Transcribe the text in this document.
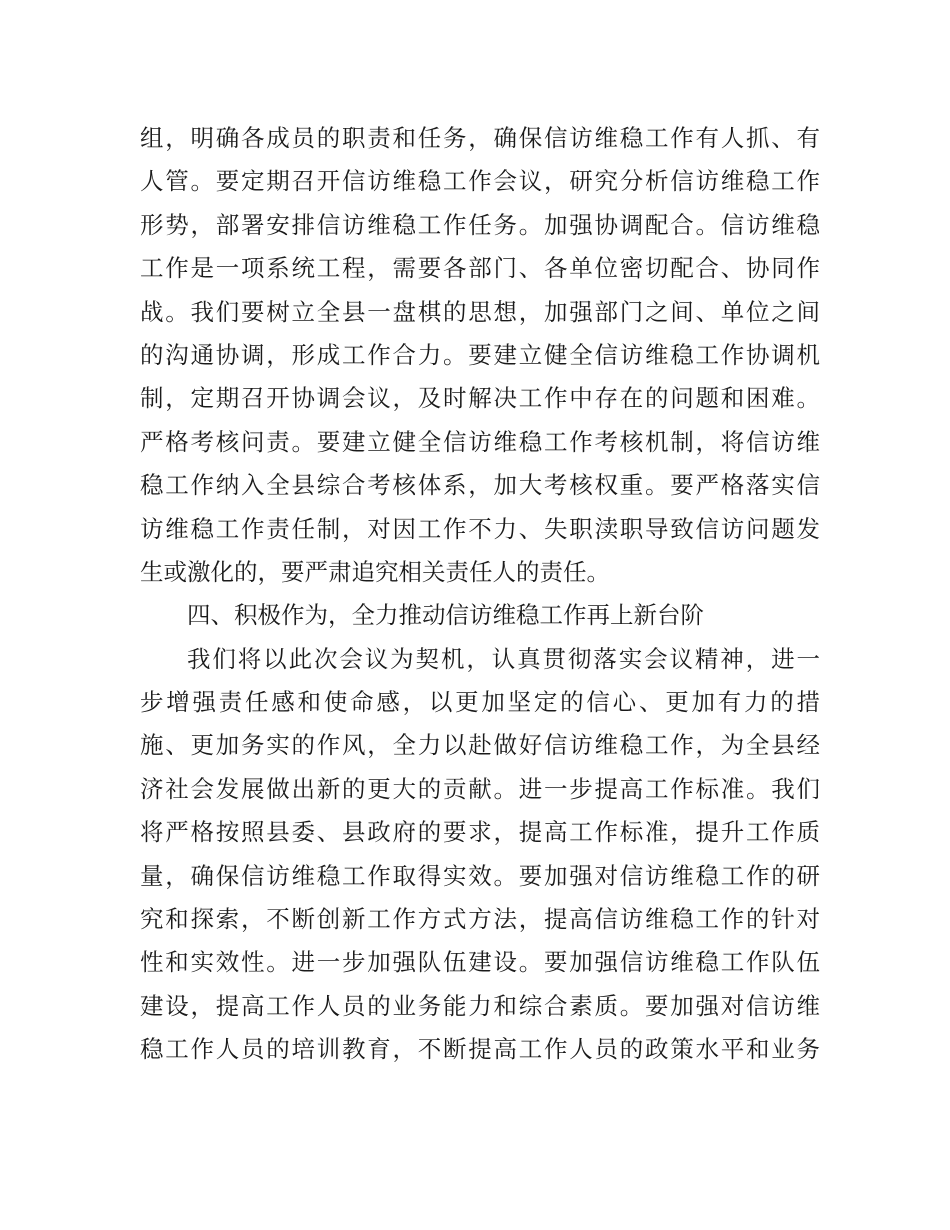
组，明确各成员的职责和任务，确保信访维稳工作有人抓、有
人管。要定期召开信访维稳工作会议，研究分析信访维稳工作
形势，部署安排信访维稳工作任务。加强协调配合。信访维稳
工作是一项系统工程，需要各部门、各单位密切配合、协同作
战。我们要树立全县一盘棋的思想，加强部门之间、单位之间
的沟通协调，形成工作合力。要建立健全信访维稳工作协调机
制，定期召开协调会议，及时解决工作中存在的问题和困难。
严格考核问责。要建立健全信访维稳工作考核机制，将信访维
稳工作纳入全县综合考核体系，加大考核权重。要严格落实信
访维稳工作责任制，对因工作不力、失职渎职导致信访问题发
生或激化的，要严肃追究相关责任人的责任。
四、积极作为，全力推动信访维稳工作再上新台阶
我们将以此次会议为契机，认真贯彻落实会议精神，进一
步增强责任感和使命感，以更加坚定的信心、更加有力的措
施、更加务实的作风，全力以赴做好信访维稳工作，为全县经
济社会发展做出新的更大的贡献。进一步提高工作标准。我们
将严格按照县委、县政府的要求，提高工作标准，提升工作质
量，确保信访维稳工作取得实效。要加强对信访维稳工作的研
究和探索，不断创新工作方式方法，提高信访维稳工作的针对
性和实效性。进一步加强队伍建设。要加强信访维稳工作队伍
建设，提高工作人员的业务能力和综合素质。要加强对信访维
稳工作人员的培训教育，不断提高工作人员的政策水平和业务
